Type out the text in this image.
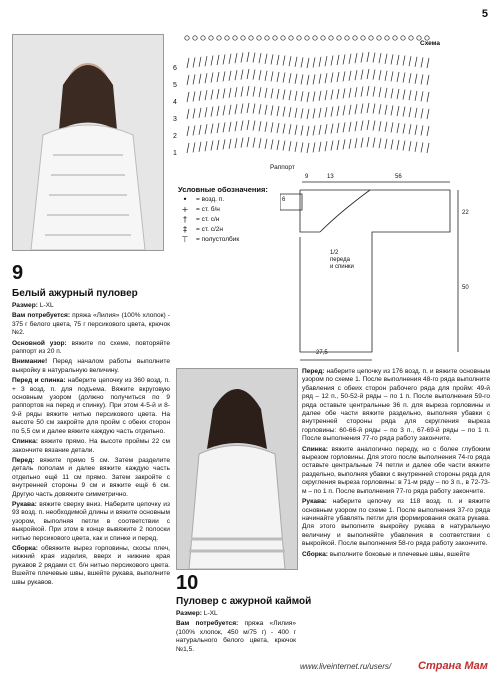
5
Схема
Раппорт
6
5
4
3
2
1
Условные обозначения:
•	= возд. п.
+	= ст. б/н
†	= ст. с/н
‡	= ст. с/2н
⊤	= полустолбик
6
9	13	56
22
50
27,5
1/2
переда
и спинки
9
Белый ажурный пуловер

Размер: L-XL

Вам потребуется: пряжа «Лилия» (100% хлопок) - 375 г белого цвета, 75 г персикового цвета, крючок №2.

Основной узор: вяжите по схеме, повторяйте раппорт из 20 п.

Внимание! Перед началом работы выполните выкройку в натуральную величину.

Перед и спинка: наберите цепочку из 360 возд. п. + 3 возд. п. для подъема. Вяжите вкруговую основным узором (должно получиться по 9 раппортов на перед и спинку). При этом 4-5-й и 8-9-й ряды вяжите нитью персикового цвета. На высоте 50 см закройте для пройм с обеих сторон по 5,5 см и далее вяжите каждую часть отдельно.

Спинка: вяжите прямо. На высоте проймы 22 см закончите вязание детали.

Перед: вяжите прямо 5 см. Затем разделите деталь пополам и далее вяжите каждую часть отдельно ещё 11 см прямо. Затем закройте с внутренней стороны 9 см и вяжите ещё 6 см. Другую часть довяжите симметрично.

Рукава: вяжите сверху вниз. Наберите цепочку из 93 возд. п. необходимой длины и вяжите основным узором, выполняя петли в соответствии с выкройкой. При этом в конце вывяжите 2 полоски нитью персикового цвета, как и спинке и перед.

Сборка: обвяжите вырез горловины, скосы плеч, нижний края изделия, вверх и нижние края рукавов 2 рядами ст. б/н нитью персикового цвета. Вшейте плечевые швы, вшейте рукава, выполните швы рукавов.	10
Пуловер с ажурной каймой

Размер: L-XL

Вам потребуется: пряжа «Лилия» (100% хлопок, 450 м/75 г) - 400 г натурального белого цвета, крючок №1,5.

Перед: наберите цепочку из 176 возд. п. и вяжите основным узором по схеме 1. После выполнения 48-го ряда выполните убавления с обеих сторон рабочего ряда для пройм: 49-й ряд – 12 п., 50-52-й ряды – по 1 п. После выполнения 59-го ряда оставьте центральные 36 п. для выреза горловины и далее обе части вяжите раздельно, выполняя убавки с внутренней стороны ряда для скругления выреза горловины: 60-66-й ряды – по 3 п., 67-69-й ряды – по 1 п. После выполнения 77-го ряда работу закончите.

Спинка: вяжите аналогично переду, но с более глубоким вырезом горловины. Для этого после выполнения 74-го ряда оставьте центральные 74 петли и далее обе части вяжите раздельно, выполняя убавки с внутренней стороны ряда для скругления выреза горловины: в 71-м ряду – по 3 п., в 72-73-м – по 1 п. После выполнения 77-го ряда работу закончите.

Рукава: наберите цепочку из 118 возд. п. и вяжите основным узором по схеме 1. После выполнения 37-го ряда начинайте убавлять петли для формирования оката рукава. Для этого выполните выкройку рукава в натуральную величину и выполняйте убавления в соответствии с выкройкой. После выполнения 58-го ряда работу закончите.

Сборка: выполните боковые и плечевые швы, вшейте

www.liveinternet.ru/users/ Страна Мам
